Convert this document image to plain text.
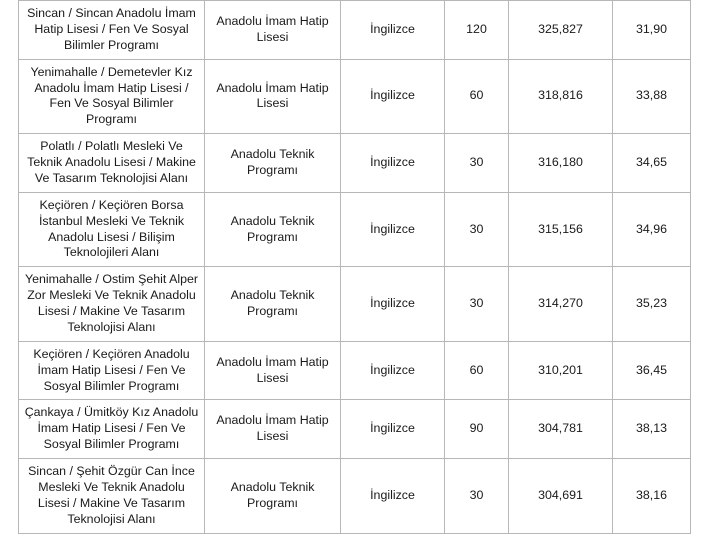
Sincan / Sincan Anadolu İmam Hatip Lisesi / Fen Ve Sosyal Bilimler Programı	Anadolu İmam Hatip Lisesi	İngilizce	120	325,827	31,90
Yenimahalle / Demetevler Kız Anadolu İmam Hatip Lisesi / Fen Ve Sosyal Bilimler Programı	Anadolu İmam Hatip Lisesi	İngilizce	60	318,816	33,88
Polatlı / Polatlı Mesleki Ve Teknik Anadolu Lisesi / Makine Ve Tasarım Teknolojisi Alanı	Anadolu Teknik Programı	İngilizce	30	316,180	34,65
Keçiören / Keçiören Borsa İstanbul Mesleki Ve Teknik Anadolu Lisesi / Bilişim Teknolojileri Alanı	Anadolu Teknik Programı	İngilizce	30	315,156	34,96
Yenimahalle / Ostim Şehit Alper Zor Mesleki Ve Teknik Anadolu Lisesi / Makine Ve Tasarım Teknolojisi Alanı	Anadolu Teknik Programı	İngilizce	30	314,270	35,23
Keçiören / Keçiören Anadolu İmam Hatip Lisesi / Fen Ve Sosyal Bilimler Programı	Anadolu İmam Hatip Lisesi	İngilizce	60	310,201	36,45
Çankaya / Ümitköy Kız Anadolu İmam Hatip Lisesi / Fen Ve Sosyal Bilimler Programı	Anadolu İmam Hatip Lisesi	İngilizce	90	304,781	38,13
Sincan / Şehit Özgür Can İnce Mesleki Ve Teknik Anadolu Lisesi / Makine Ve Tasarım Teknolojisi Alanı	Anadolu Teknik Programı	İngilizce	30	304,691	38,16
